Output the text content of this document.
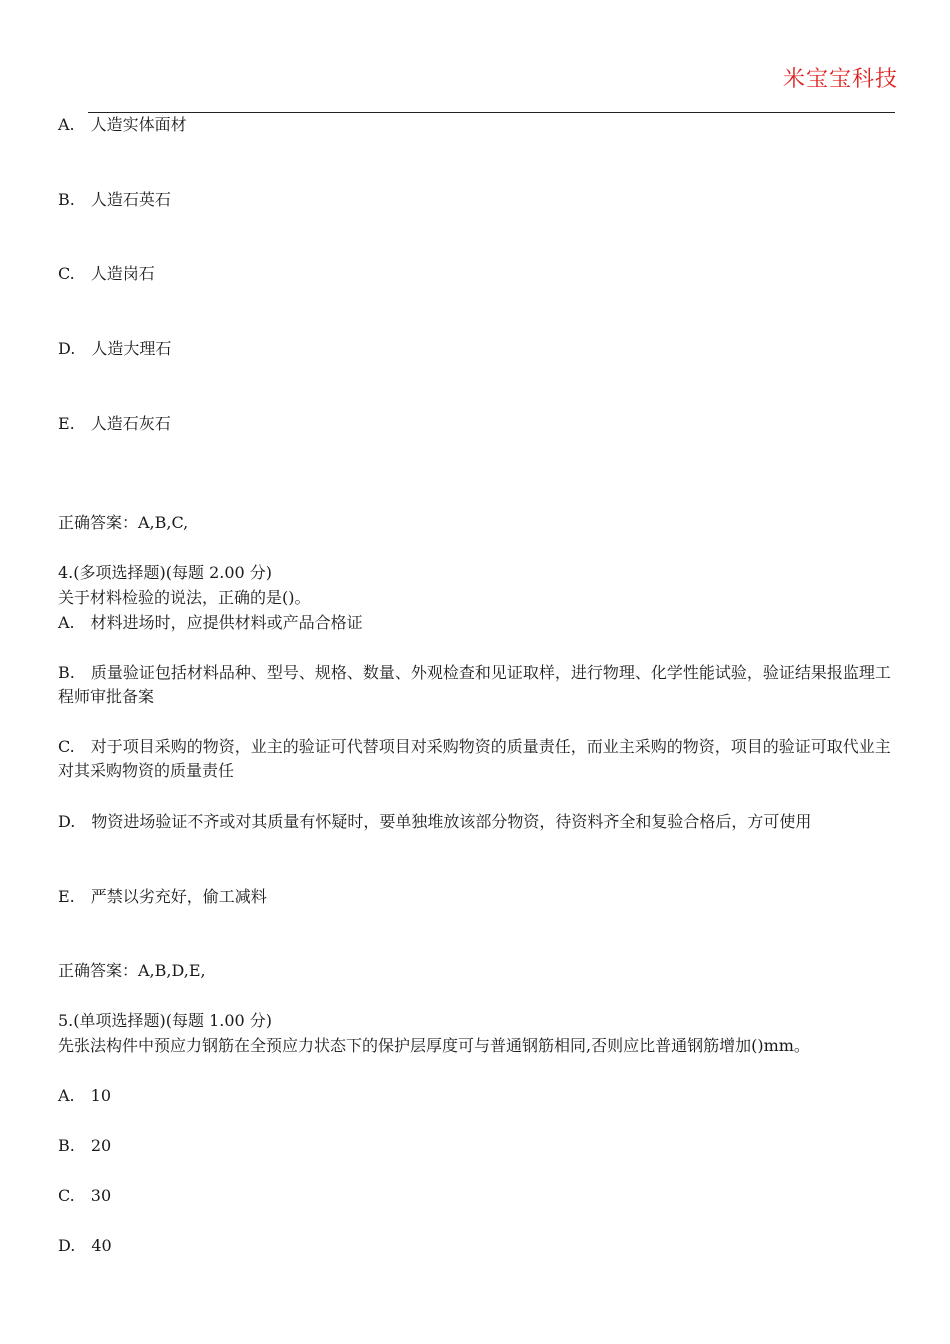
米宝宝科技
A.　人造实体面材
B.　人造石英石
C.　人造岗石
D.　人造大理石
E.　人造石灰石
正确答案：A,B,C,
4.(多项选择题)(每题 2.00 分)
关于材料检验的说法，正确的是()。
A.　材料进场时，应提供材料或产品合格证
B.　质量验证包括材料品种、型号、规格、数量、外观检查和见证取样，进行物理、化学性能试验，验证结果报监理工程师审批备案
C.　对于项目采购的物资，业主的验证可代替项目对采购物资的质量责任，而业主采购的物资，项目的验证可取代业主对其采购物资的质量责任
D.　物资进场验证不齐或对其质量有怀疑时，要单独堆放该部分物资，待资料齐全和复验合格后，方可使用
E.　严禁以劣充好，偷工减料
正确答案：A,B,D,E,
5.(单项选择题)(每题 1.00 分)
先张法构件中预应力钢筋在全预应力状态下的保护层厚度可与普通钢筋相同,否则应比普通钢筋增加()mm。
A.　10
B.　20
C.　30
D.　40
